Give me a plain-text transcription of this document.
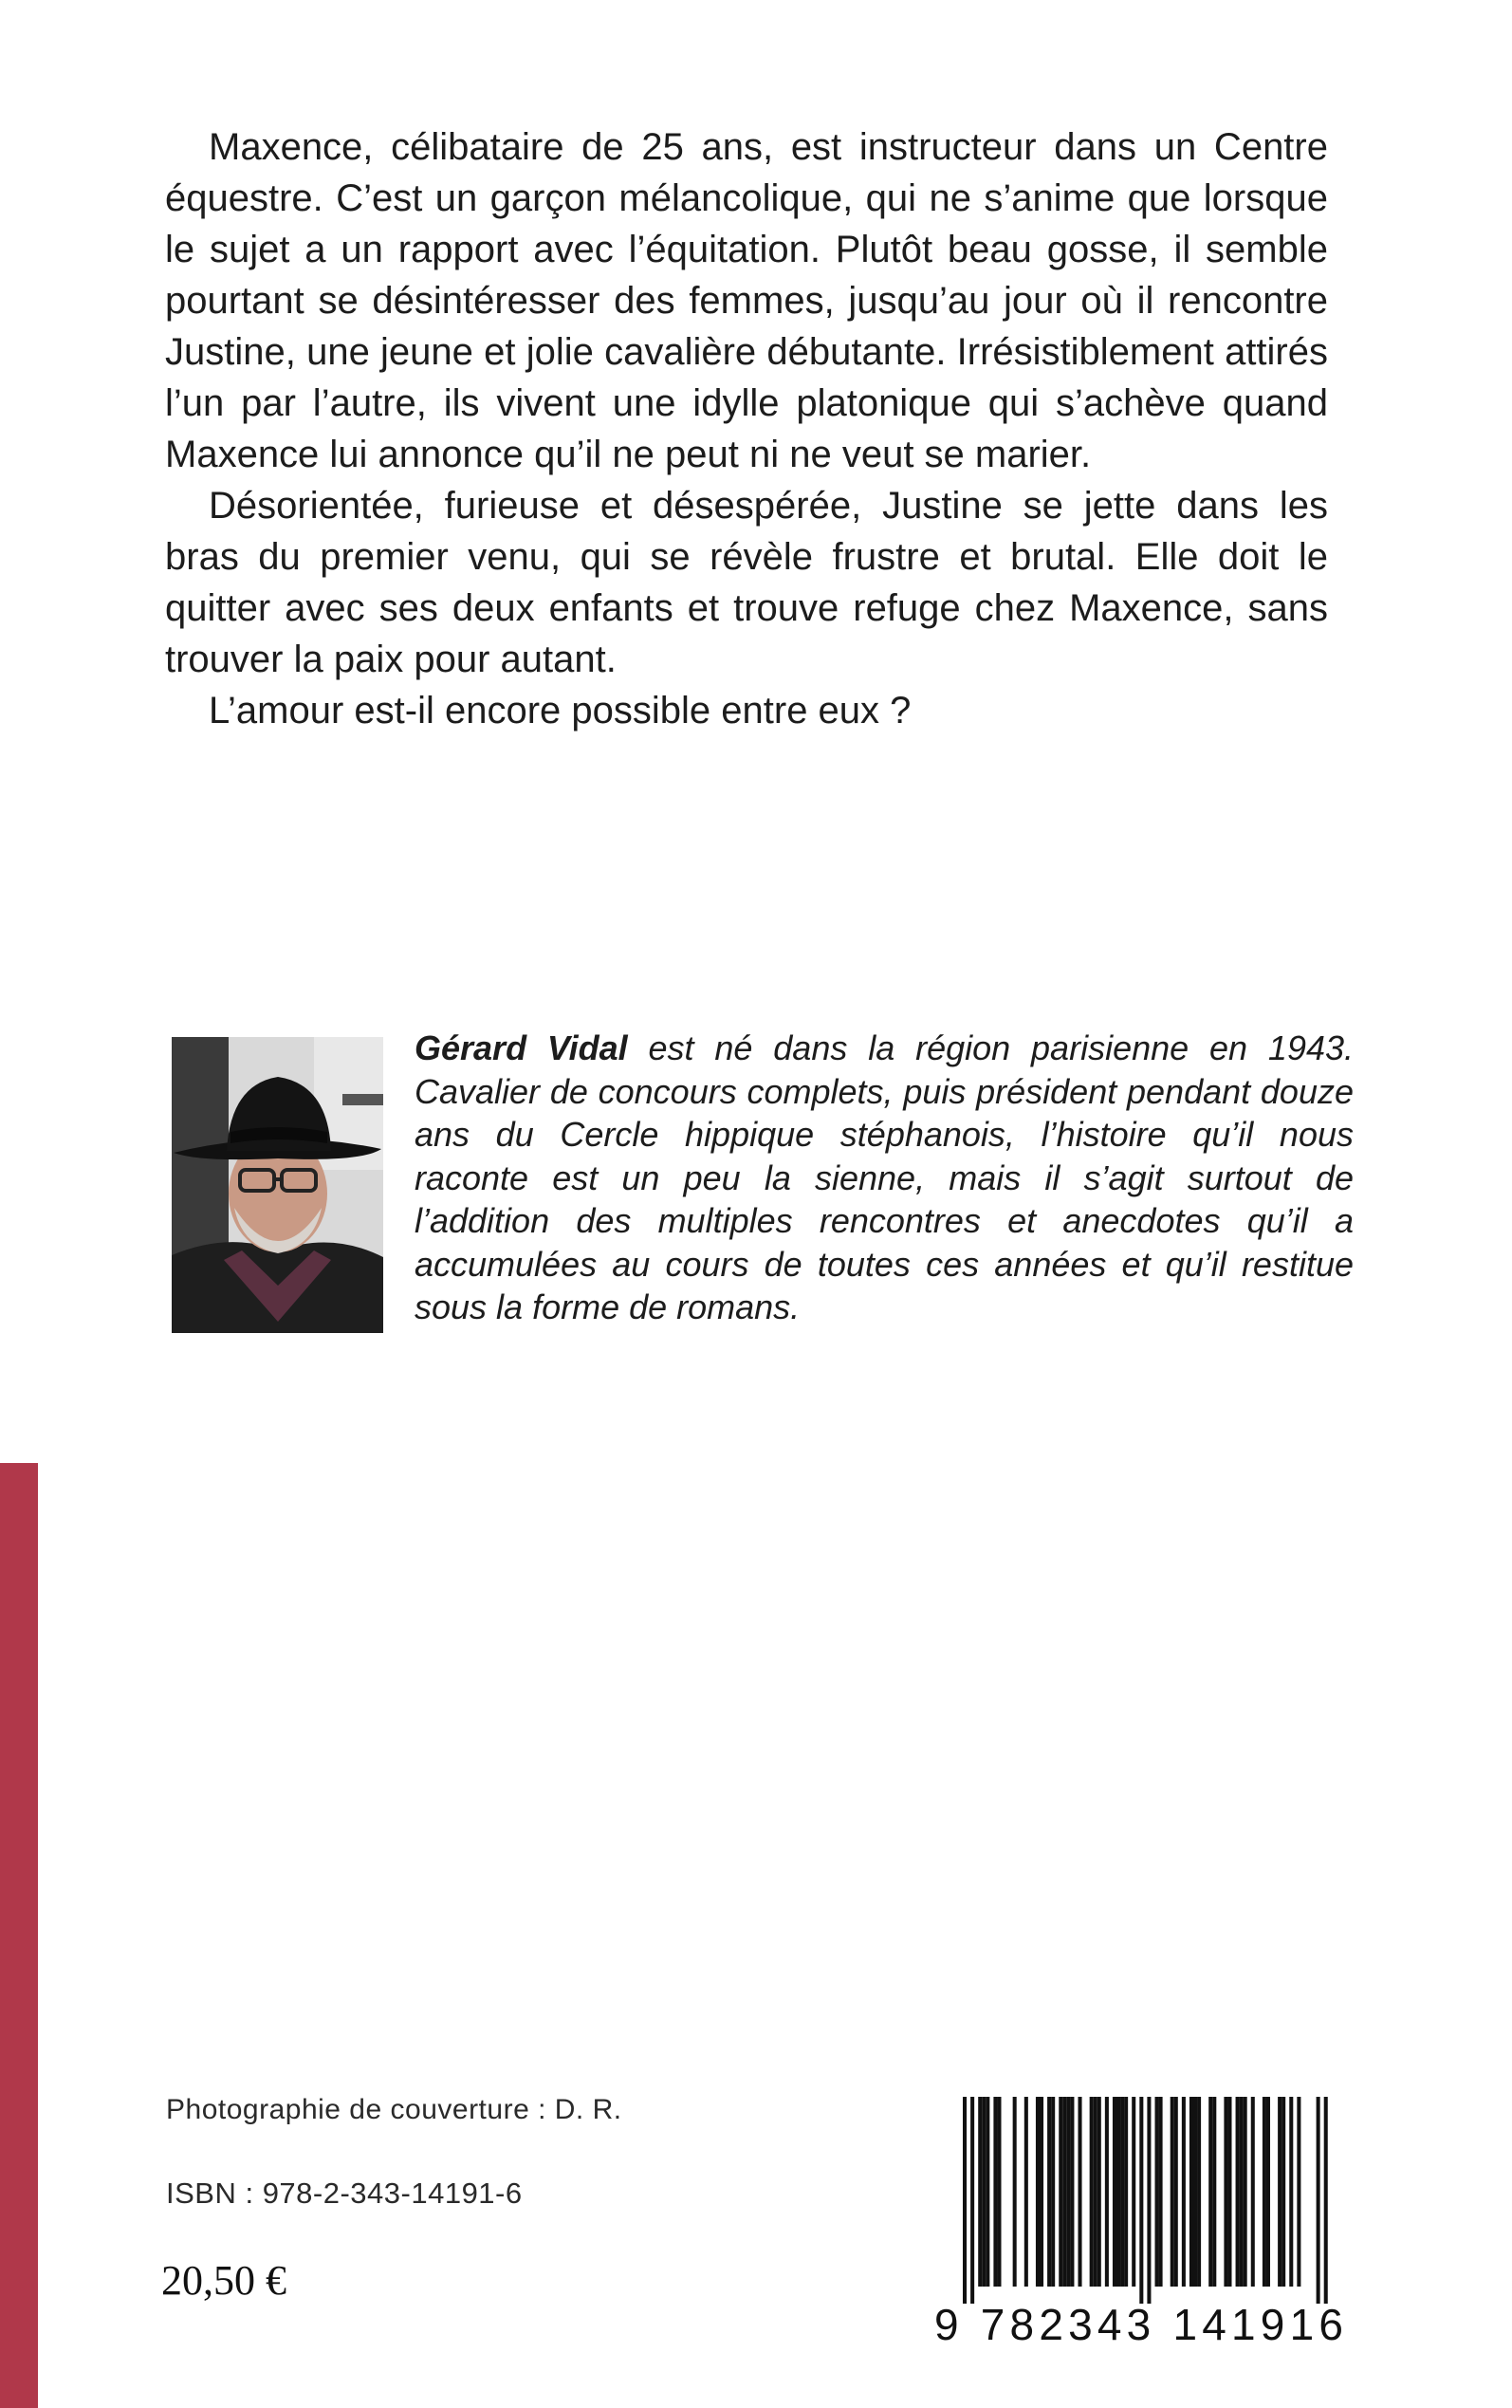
Maxence, célibataire de 25 ans, est instructeur dans un Centre équestre. C’est un garçon mélancolique, qui ne s’anime que lorsque le sujet a un rapport avec l’équitation. Plutôt beau gosse, il semble pourtant se désintéresser des femmes, jusqu’au jour où il rencontre Justine, une jeune et jolie cavalière débutante. Irrésistiblement attirés l’un par l’autre, ils vivent une idylle platonique qui s’achève quand Maxence lui annonce qu’il ne peut ni ne veut se marier.

Désorientée, furieuse et désespérée, Justine se jette dans les bras du premier venu, qui se révèle frustre et brutal. Elle doit le quitter avec ses deux enfants et trouve refuge chez Maxence, sans trouver la paix pour autant.

L’amour est-il encore possible entre eux ?

Gérard Vidal est né dans la région parisienne en 1943. Cavalier de concours complets, puis président pendant douze ans du Cercle hippique stéphanois, l’histoire qu’il nous raconte est un peu la sienne, mais il s’agit surtout de l’addition des multiples rencontres et anecdotes qu’il a accumulées au cours de toutes ces années et qu’il restitue sous la forme de romans.
Photographie de couverture : D. R.
ISBN : 978-2-343-14191-6
20,50 €
9 782343 141916
